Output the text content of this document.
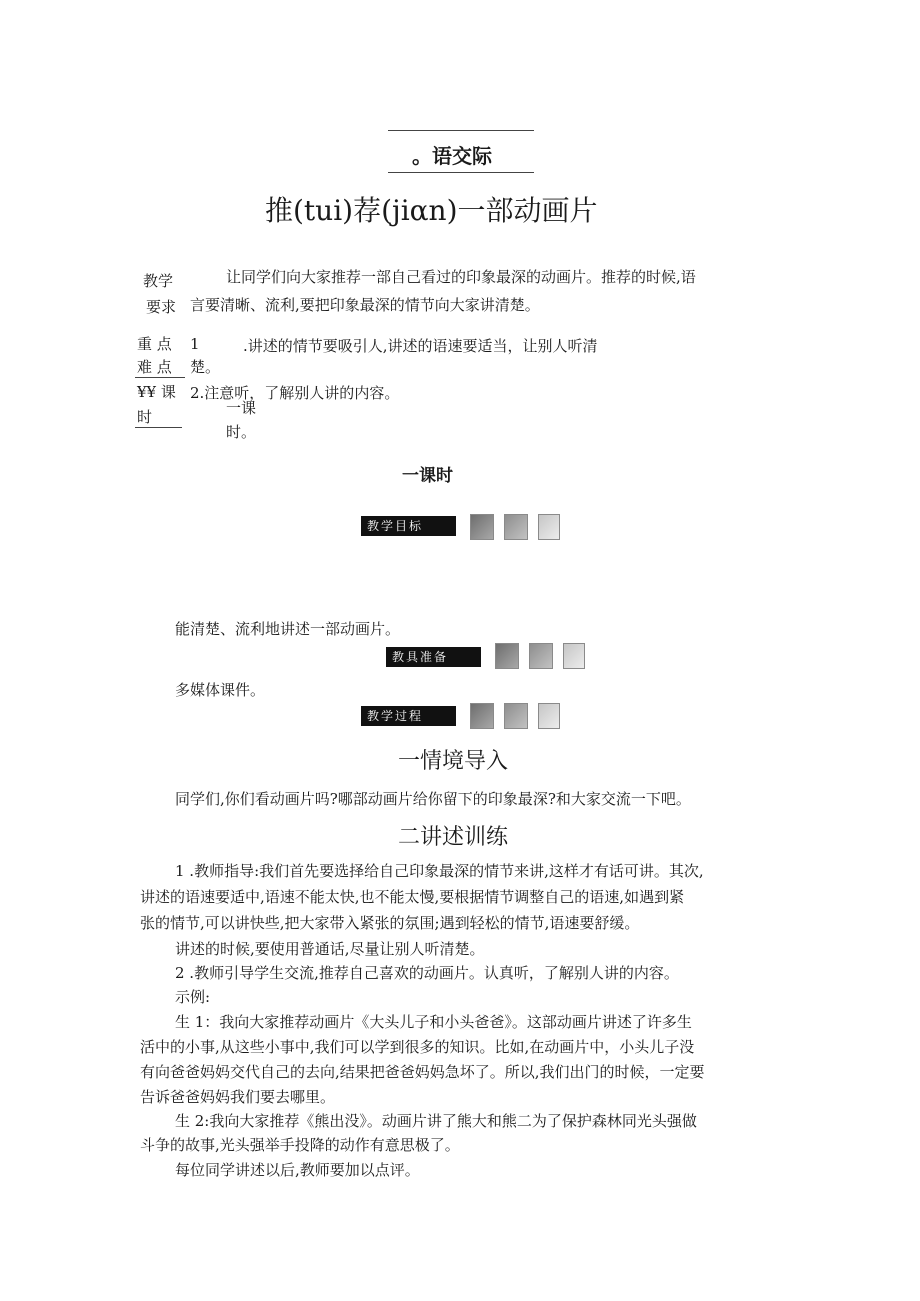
。语交际
推(tui)荐(jiαn)一部动画片
教学
要求
让同学们向大家推荐一部自己看过的印象最深的动画片。推荐的时候,语
言要清晰、流利,要把印象最深的情节向大家讲清楚。
重 点 1	.讲述的情节要吸引人,讲述的语速要适当，让别人听清
难 点 楚。
¥¥ 课 2.注意听，了解别人讲的内容。
一课
时
时。
一课时
教学目标
能清楚、流利地讲述一部动画片。
教具准备
多媒体课件。
教学过程
一情境导入
同学们,你们看动画片吗?哪部动画片给你留下的印象最深?和大家交流一下吧。
二讲述训练
1 .教师指导:我们首先要选择给自己印象最深的情节来讲,这样才有话可讲。其次,
讲述的语速要适中,语速不能太快,也不能太慢,要根据情节调整自己的语速,如遇到紧
张的情节,可以讲快些,把大家带入紧张的氛围;遇到轻松的情节,语速要舒缓。
讲述的时候,要使用普通话,尽量让别人听清楚。
2 .教师引导学生交流,推荐自己喜欢的动画片。认真听，了解别人讲的内容。
示例:
生 1：我向大家推荐动画片《大头儿子和小头爸爸》。这部动画片讲述了许多生
活中的小事,从这些小事中,我们可以学到很多的知识。比如,在动画片中，小头儿子没
有向爸爸妈妈交代自己的去向,结果把爸爸妈妈急坏了。所以,我们出门的时候，一定要
告诉爸爸妈妈我们要去哪里。
生 2:我向大家推荐《熊出没》。动画片讲了熊大和熊二为了保护森林同光头强做
斗争的故事,光头强举手投降的动作有意思极了。
每位同学讲述以后,教师要加以点评。
